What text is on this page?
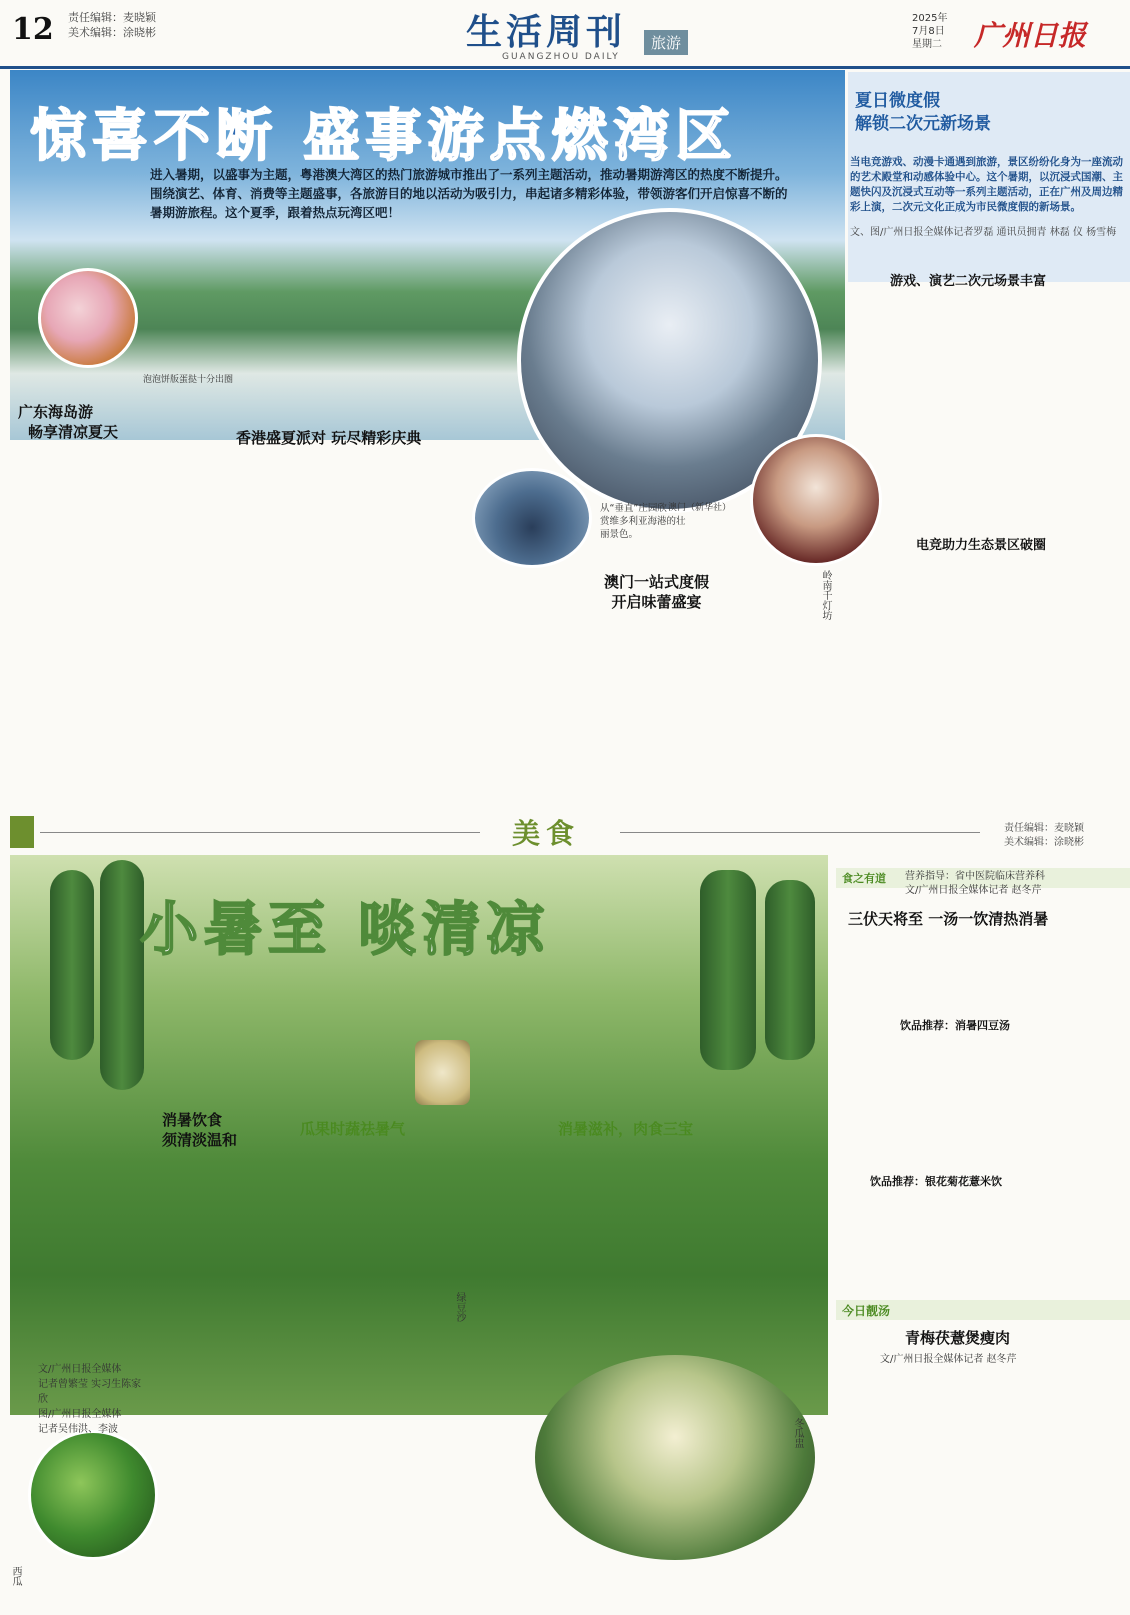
12 责任编辑：麦晓颖
美术编辑：涂晓彬	生活周刊
GUANGZHOU DAILY
旅游
2025年
7月8日
星期二 广州日报
惊喜不断 盛事游点燃湾区
进入暑期，以盛事为主题，粤港澳大湾区的热门旅游城市推出了一系列主题活动，推动暑期游湾区的热度不断提升。围绕演艺、体育、消费等主题盛事，各旅游目的地以活动为吸引力，串起诸多精彩体验，带领游客们开启惊喜不断的暑期游旅程。这个夏季，跟着热点玩湾区吧！
泡泡饼版蛋挞十分出圈
澳门（新华社）
从“垂直”庄园欣
赏维多利亚海港的壮
丽景色。
广东海岛游
畅享清凉夏天	香港盛夏派对 玩尽精彩庆典
澳门一站式度假
开启味蕾盛宴
夏日微度假
解锁二次元新场景
当电竞游戏、动漫卡通遇到旅游，景区纷纷化身为一座流动的艺术殿堂和动感体验中心。这个暑期，以沉浸式国潮、主题快闪及沉浸式互动等一系列主题活动，正在广州及周边精彩上演，二次元文化正成为市民微度假的新场景。
文、图/广州日报全媒体记者罗磊 通讯员拥青 林磊 仪 杨雪梅
游戏、演艺二次元场景丰富
电竞助力生态景区破圈
岭南千灯坊
美食	责任编辑：麦晓颖
美术编辑：涂晓彬
小暑至 啖清凉
消暑饮食
须清淡温和
瓜果时蔬祛暑气	消暑滋补，肉食三宝
绿豆沙
冬瓜盅
西瓜
文/广州日报全媒体
记者曾繁莹 实习生陈家欣
图/广州日报全媒体
记者吴伟洪、李波
食之有道 营养指导：省中医院临床营养科
文/广州日报全媒体记者 赵冬芹
三伏天将至 一汤一饮清热消暑
饮品推荐：消暑四豆汤
饮品推荐：银花菊花薏米饮
今日靓汤
青梅茯薏煲瘦肉
文/广州日报全媒体记者 赵冬芹
